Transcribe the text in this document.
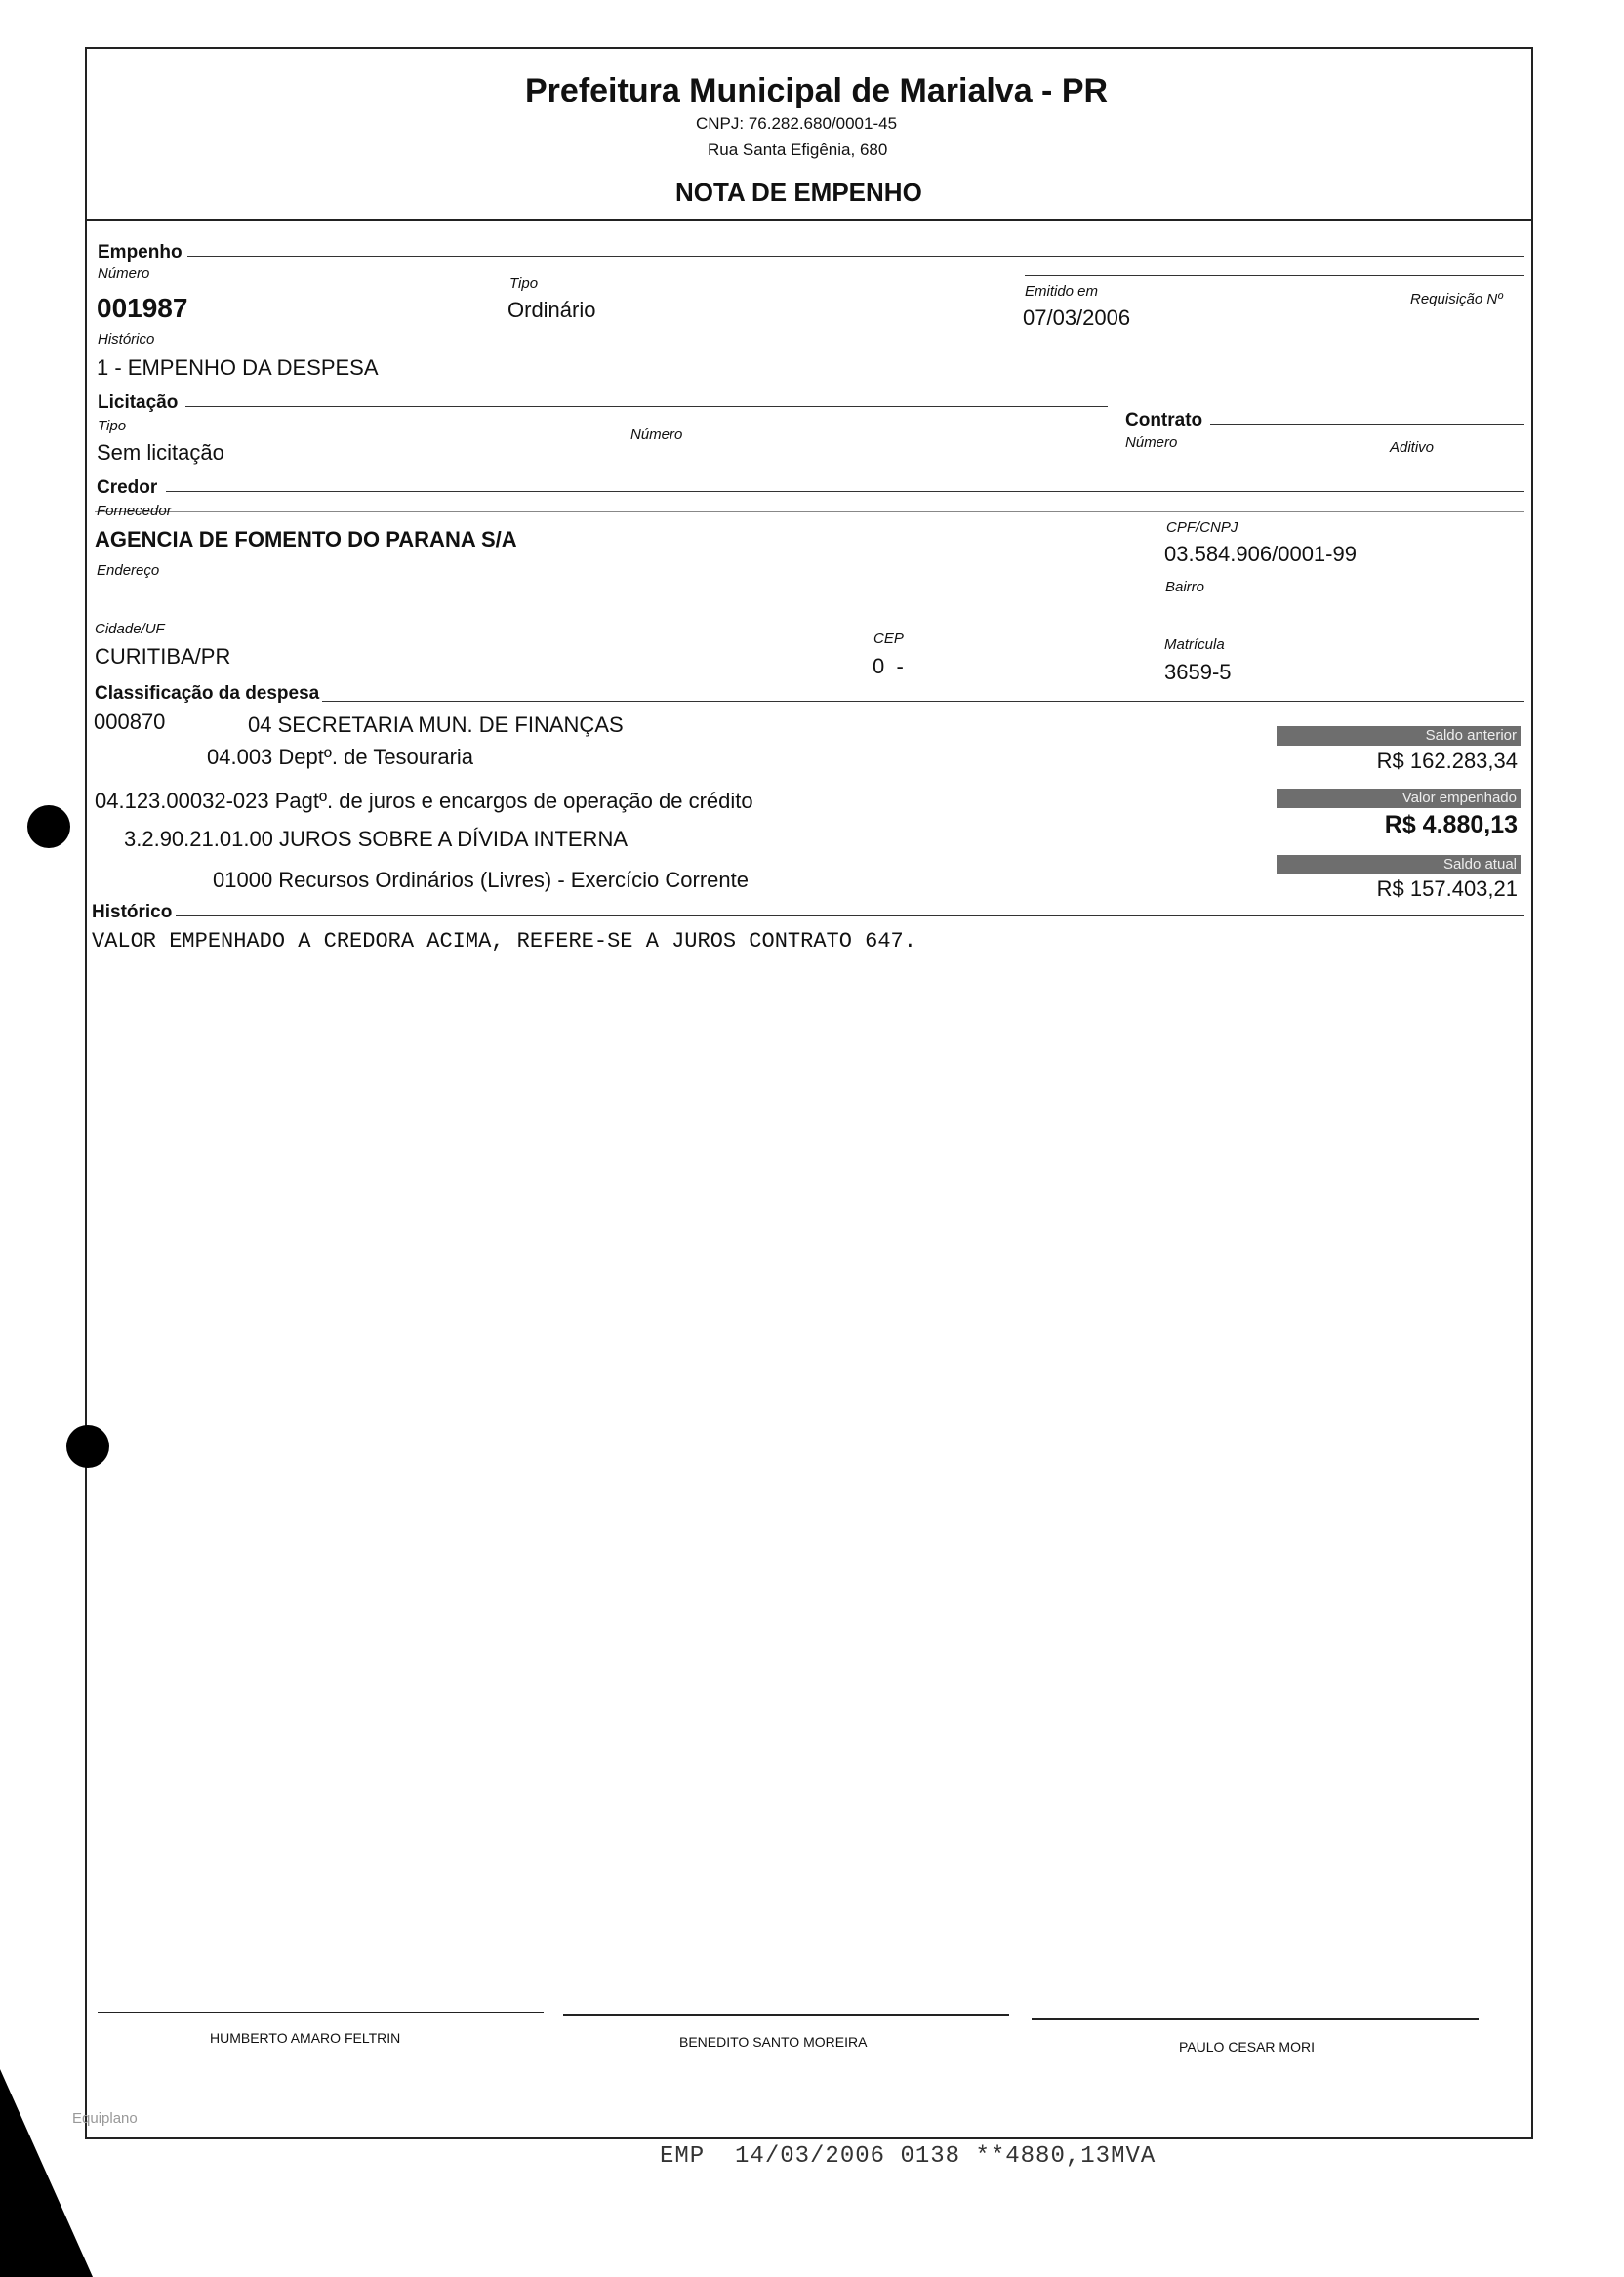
Prefeitura Municipal de Marialva - PR
CNPJ: 76.282.680/0001-45
Rua Santa Efigênia, 680
NOTA DE EMPENHO
Empenho
Número
001987
Tipo
Ordinário
Emitido em
07/03/2006
Requisição Nº
Histórico
1 - EMPENHO DA DESPESA
Licitação
Tipo
Sem licitação
Número
Contrato
Número	Aditivo
Credor
Fornecedor
AGENCIA DE FOMENTO DO PARANA S/A
Endereço
CPF/CNPJ
03.584.906/0001-99
Bairro
Cidade/UF
CURITIBA/PR
CEP
0  -
Matrícula
3659-5
Classificação da despesa
000870	04 SECRETARIA MUN. DE FINANÇAS
04.003 Deptº. de Tesouraria
04.123.00032-023 Pagtº. de juros e encargos de operação de crédito
3.2.90.21.01.00 JUROS SOBRE A DÍVIDA INTERNA
01000 Recursos Ordinários (Livres) - Exercício Corrente
Saldo anterior
R$ 162.283,34
Valor empenhado
R$ 4.880,13
Saldo atual
R$ 157.403,21
Histórico
VALOR EMPENHADO A CREDORA ACIMA, REFERE-SE A JUROS CONTRATO 647.
HUMBERTO AMARO FELTRIN	BENEDITO SANTO MOREIRA	PAULO CESAR MORI
Equiplano
EMP  14/03/2006 0138 **4880,13MVA
